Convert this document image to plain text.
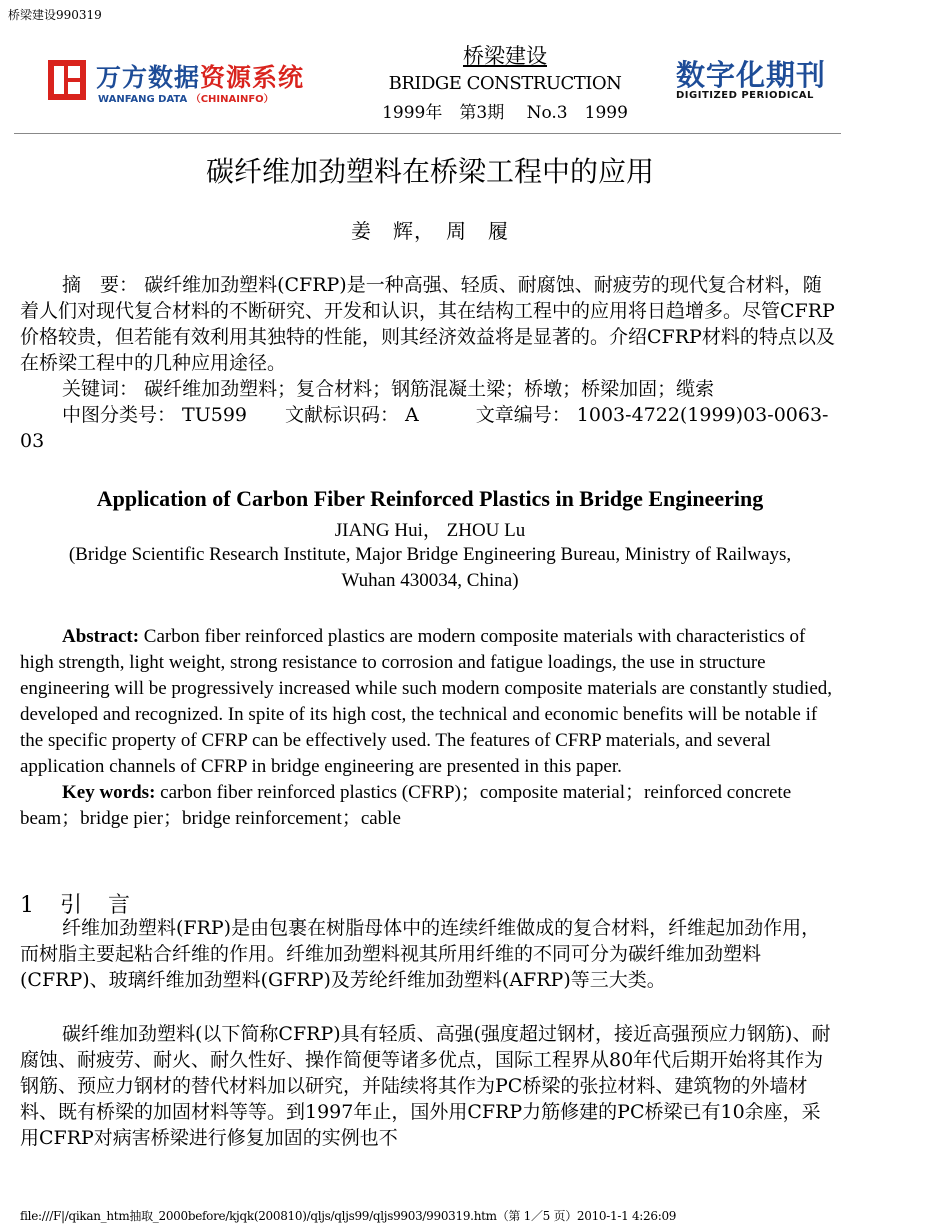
桥梁建设990319
万方数据资源系统
WANFANG DATA （CHINAINFO）
桥梁建设
BRIDGE CONSTRUCTION
1999年　第3期　 No.3　1999
数字化期刊
DIGITIZED PERIODICAL
碳纤维加劲塑料在桥梁工程中的应用
姜　辉，　周　履
摘　要： 碳纤维加劲塑料(CFRP)是一种高强、轻质、耐腐蚀、耐疲劳的现代复合材料，随着人们对现代复合材料的不断研究、开发和认识，其在结构工程中的应用将日趋增多。尽管CFRP价格较贵，但若能有效利用其独特的性能，则其经济效益将是显著的。介绍CFRP材料的特点以及在桥梁工程中的几种应用途径。
关键词： 碳纤维加劲塑料；复合材料；钢筋混凝土梁；桥墩；桥梁加固；缆索
中图分类号： TU599　　文献标识码： A　　　文章编号： 1003-4722(1999)03-0063-03
Application of Carbon Fiber Reinforced Plastics in Bridge Engineering
JIANG Hui， ZHOU Lu
(Bridge Scientific Research Institute, Major Bridge Engineering Bureau, Ministry of Railways, Wuhan 430034, China)
Abstract: Carbon fiber reinforced plastics are modern composite materials with characteristics of high strength, light weight, strong resistance to corrosion and fatigue loadings, the use in structure engineering will be progressively increased while such modern composite materials are constantly studied, developed and recognized. In spite of its high cost, the technical and economic benefits will be notable if the specific property of CFRP can be effectively used. The features of CFRP materials, and several application channels of CFRP in bridge engineering are presented in this paper.
Key words: carbon fiber reinforced plastics (CFRP)；composite material；reinforced concrete beam；bridge pier；bridge reinforcement；cable
1　引　言
纤维加劲塑料(FRP)是由包裹在树脂母体中的连续纤维做成的复合材料，纤维起加劲作用，而树脂主要起粘合纤维的作用。纤维加劲塑料视其所用纤维的不同可分为碳纤维加劲塑料(CFRP)、玻璃纤维加劲塑料(GFRP)及芳纶纤维加劲塑料(AFRP)等三大类。
碳纤维加劲塑料(以下简称CFRP)具有轻质、高强(强度超过钢材，接近高强预应力钢筋)、耐腐蚀、耐疲劳、耐火、耐久性好、操作简便等诸多优点，国际工程界从80年代后期开始将其作为钢筋、预应力钢材的替代材料加以研究，并陆续将其作为PC桥梁的张拉材料、建筑物的外墙材料、既有桥梁的加固材料等等。到1997年止，国外用CFRP力筋修建的PC桥梁已有10余座，采用CFRP对病害桥梁进行修复加固的实例也不
file:///F|/qikan_htm抽取_2000before/kjqk(200810)/qljs/qljs99/qljs9903/990319.htm（第 1／5 页）2010-1-1 4:26:09
